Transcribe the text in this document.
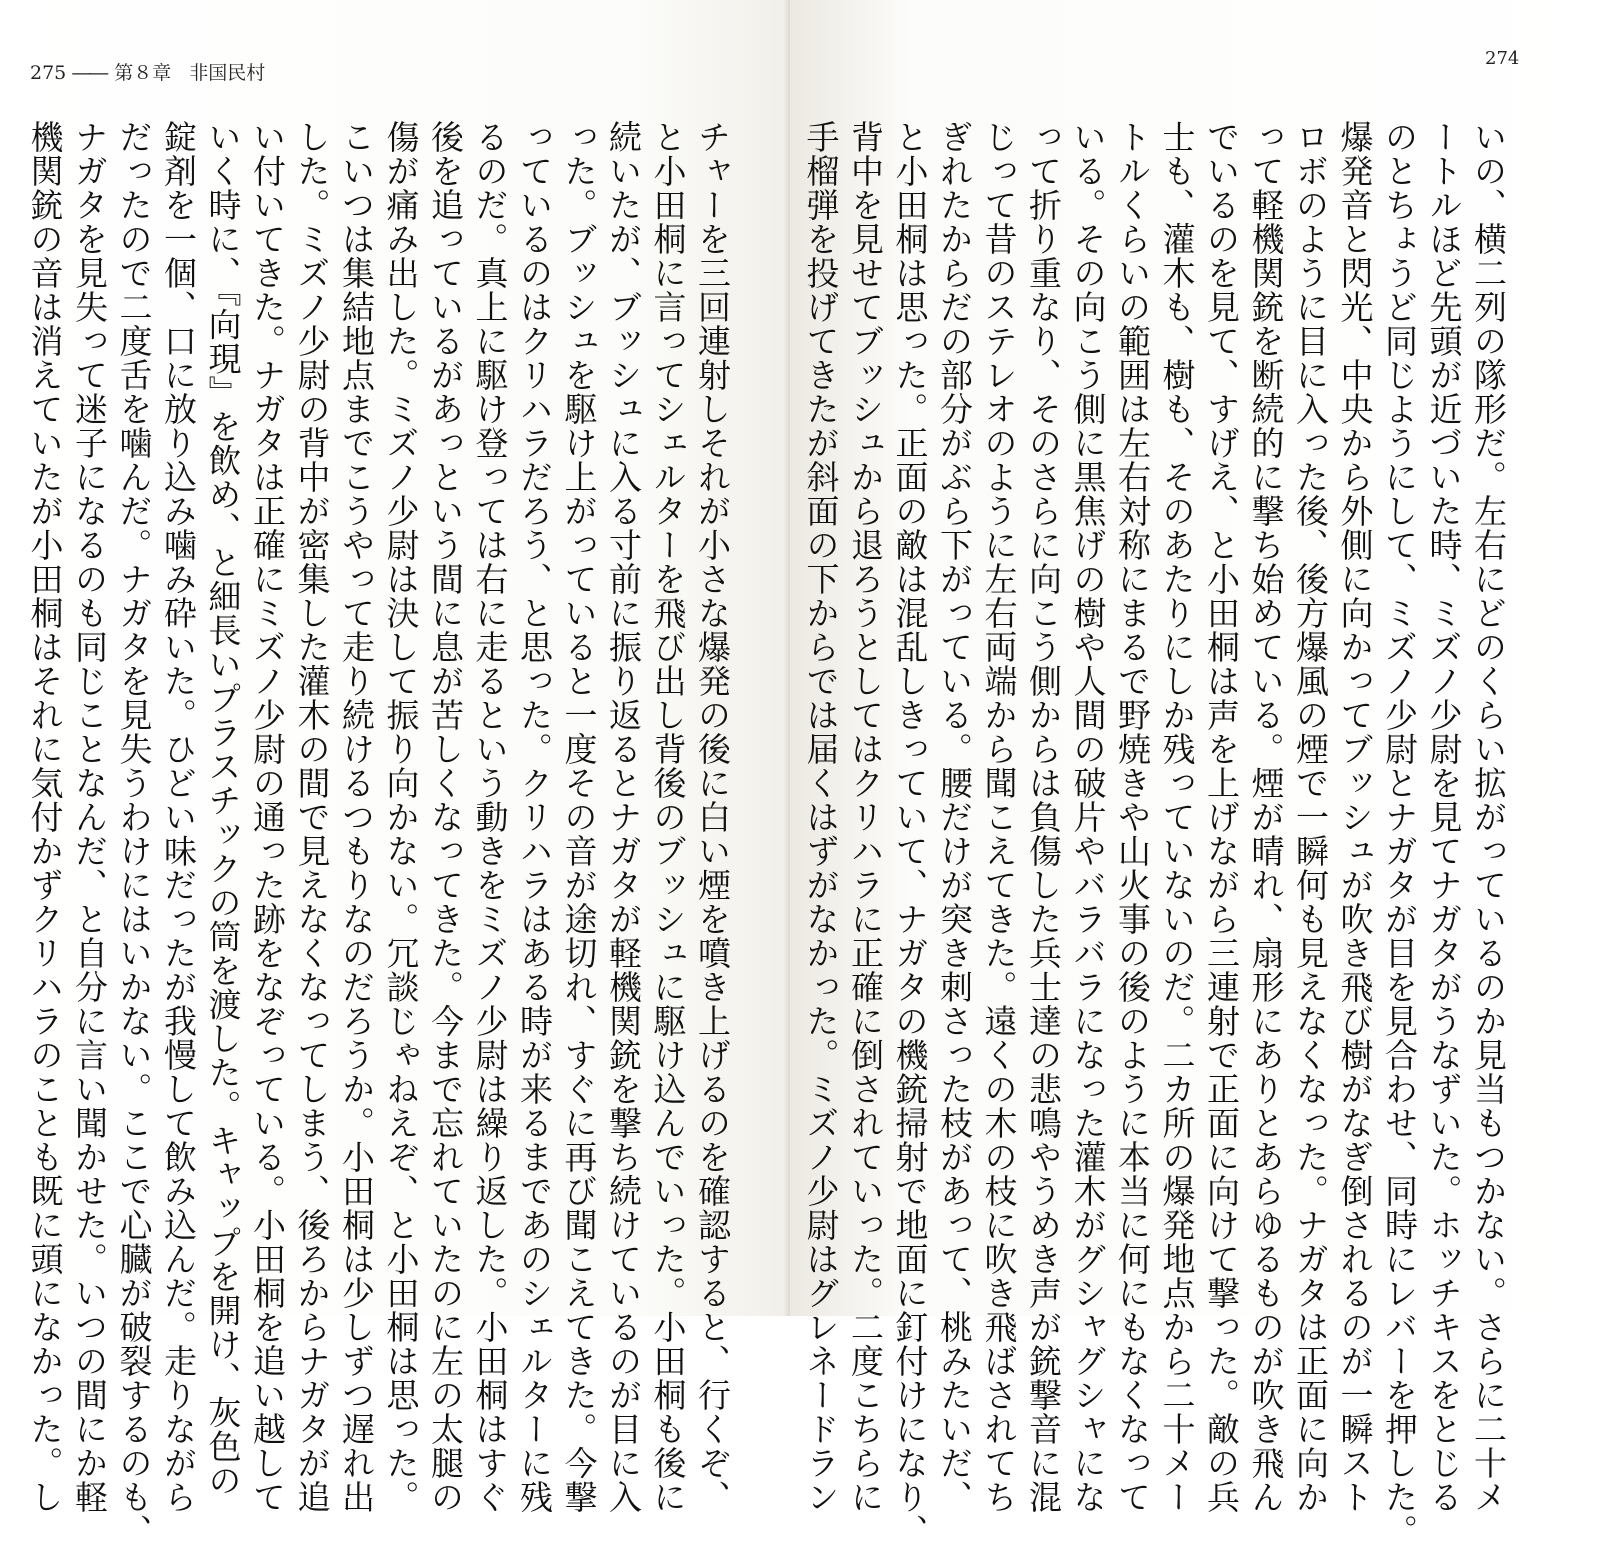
275 ―― 第８章 非国民村
チャーを三回連射しそれが小さな爆発の後に白い煙を噴き上げるのを確認すると、行くぞ、
と小田桐に言ってシェルターを飛び出し背後のブッシュに駆け込んでいった。小田桐も後に
続いたが、ブッシュに入る寸前に振り返るとナガタが軽機関銃を撃ち続けているのが目に入
った。ブッシュを駆け上がっていると一度その音が途切れ、すぐに再び聞こえてきた。今撃
っているのはクリハラだろう、と思った。クリハラはある時が来るまであのシェルターに残
るのだ。真上に駆け登っては右に走るという動きをミズノ少尉は繰り返した。小田桐はすぐ
後を追っているがあっという間に息が苦しくなってきた。今まで忘れていたのに左の太腿の
傷が痛み出した。ミズノ少尉は決して振り向かない。冗談じゃねえぞ、と小田桐は思った。
こいつは集結地点までこうやって走り続けるつもりなのだろうか。小田桐は少しずつ遅れ出
した。ミズノ少尉の背中が密集した灌木の間で見えなくなってしまう、後ろからナガタが追
い付いてきた。ナガタは正確にミズノ少尉の通った跡をなぞっている。小田桐を追い越して
いく時に、『向現』を飲め、と細長いプラスチックの筒を渡した。キャップを開け、灰色の
錠剤を一個、口に放り込み噛み砕いた。ひどい味だったが我慢して飲み込んだ。走りながら
だったので二度舌を噛んだ。ナガタを見失うわけにはいかない。ここで心臓が破裂するのも、
ナガタを見失って迷子になるのも同じことなんだ、と自分に言い聞かせた。いつの間にか軽
機関銃の音は消えていたが小田桐はそれに気付かずクリハラのことも既に頭になかった。し
274
いの、横二列の隊形だ。左右にどのくらい拡がっているのか見当もつかない。さらに二十メ
ートルほど先頭が近づいた時、ミズノ少尉を見てナガタがうなずいた。ホッチキスをとじる
のとちょうど同じようにして、ミズノ少尉とナガタが目を見合わせ、同時にレバーを押した。
爆発音と閃光、中央から外側に向かってブッシュが吹き飛び樹がなぎ倒されるのが一瞬スト
ロボのように目に入った後、後方爆風の煙で一瞬何も見えなくなった。ナガタは正面に向か
って軽機関銃を断続的に撃ち始めている。煙が晴れ、扇形にありとあらゆるものが吹き飛ん
でいるのを見て、すげえ、と小田桐は声を上げながら三連射で正面に向けて撃った。敵の兵
士も、灌木も、樹も、そのあたりにしか残っていないのだ。二カ所の爆発地点から二十メー
トルくらいの範囲は左右対称にまるで野焼きや山火事の後のように本当に何にもなくなって
いる。その向こう側に黒焦げの樹や人間の破片やバラバラになった灌木がグシャグシャにな
って折り重なり、そのさらに向こう側からは負傷した兵士達の悲鳴やうめき声が銃撃音に混
じって昔のステレオのように左右両端から聞こえてきた。遠くの木の枝に吹き飛ばされてち
ぎれたからだの部分がぶら下がっている。腰だけが突き刺さった枝があって、桃みたいだ、
と小田桐は思った。正面の敵は混乱しきっていて、ナガタの機銃掃射で地面に釘付けになり、
背中を見せてブッシュから退ろうとしてはクリハラに正確に倒されていった。二度こちらに
手榴弾を投げてきたが斜面の下からでは届くはずがなかった。ミズノ少尉はグレネードラン
